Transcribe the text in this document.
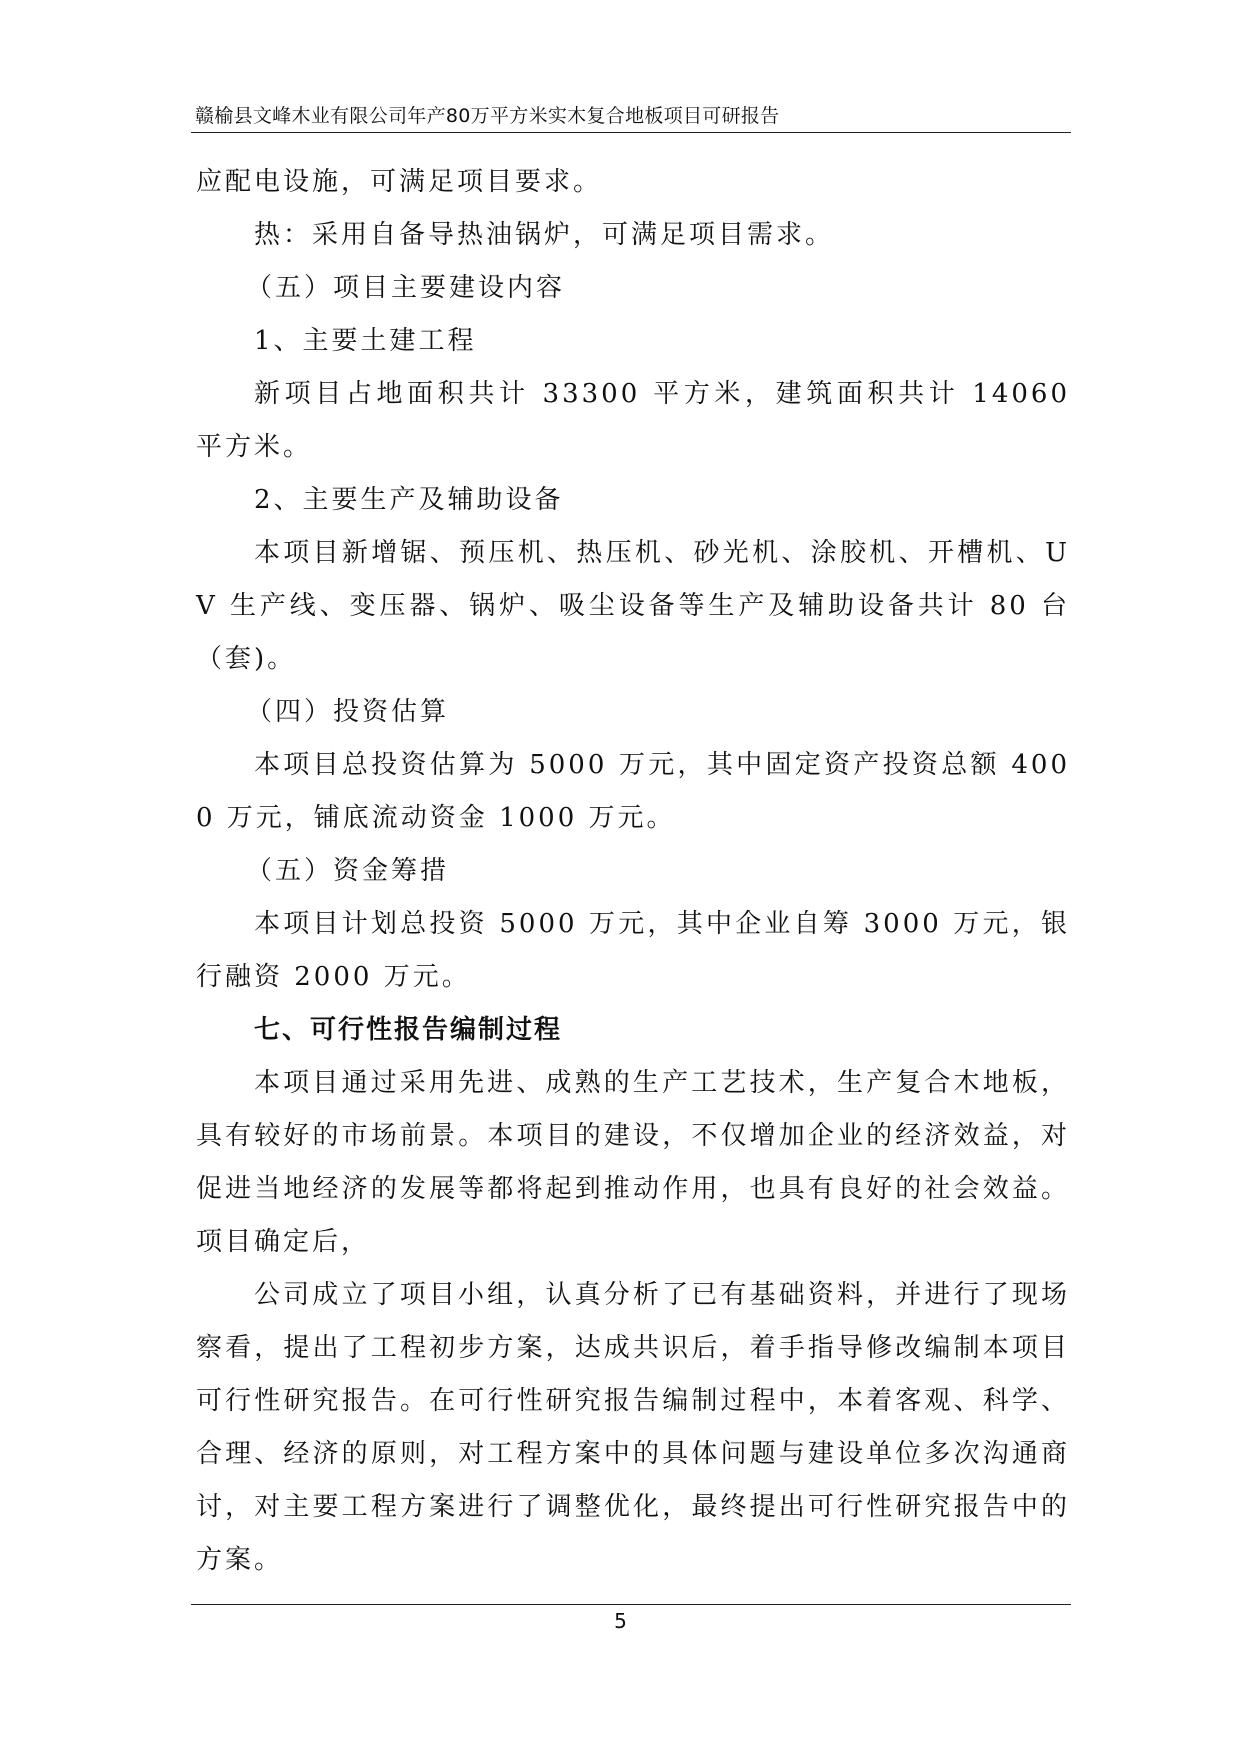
赣榆县文峰木业有限公司年产80万平方米实木复合地板项目可研报告

应配电设施，可满足项目要求。

热：采用自备导热油锅炉，可满足项目需求。

（五）项目主要建设内容

1、主要土建工程

新项目占地面积共计 33300 平方米，建筑面积共计 14060 平方米。

2、主要生产及辅助设备

本项目新增锯、预压机、热压机、砂光机、涂胶机、开槽机、UV 生产线、变压器、锅炉、吸尘设备等生产及辅助设备共计 80 台（套)。

（四）投资估算

本项目总投资估算为 5000 万元，其中固定资产投资总额 4000 万元，铺底流动资金 1000 万元。

（五）资金筹措

本项目计划总投资 5000 万元，其中企业自筹 3000 万元，银行融资 2000 万元。

七、可行性报告编制过程

本项目通过采用先进、成熟的生产工艺技术，生产复合木地板，具有较好的市场前景。本项目的建设，不仅增加企业的经济效益，对促进当地经济的发展等都将起到推动作用，也具有良好的社会效益。项目确定后，

公司成立了项目小组，认真分析了已有基础资料，并进行了现场察看，提出了工程初步方案，达成共识后，着手指导修改编制本项目可行性研究报告。在可行性研究报告编制过程中，本着客观、科学、合理、经济的原则，对工程方案中的具体问题与建设单位多次沟通商讨，对主要工程方案进行了调整优化，最终提出可行性研究报告中的方案。

5
